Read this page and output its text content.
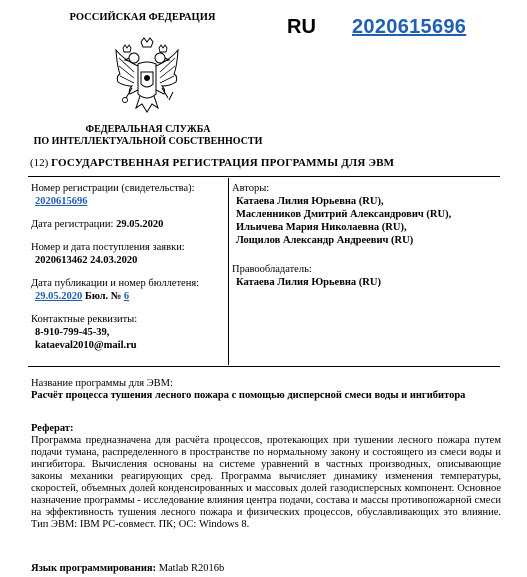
РОССИЙСКАЯ ФЕДЕРАЦИЯ
ФЕДЕРАЛЬНАЯ СЛУЖБА
ПО ИНТЕЛЛЕКТУАЛЬНОЙ СОБСТВЕННОСТИ
RU 2020615696
(12) ГОСУДАРСТВЕННАЯ РЕГИСТРАЦИЯ ПРОГРАММЫ ДЛЯ ЭВМ
Номер регистрации (свидетельства):
2020615696
Дата регистрации: 29.05.2020
Номер и дата поступления заявки:
2020613462 24.03.2020
Дата публикации и номер бюллетеня:
29.05.2020 Бюл. № 6
Контактные реквизиты:
8-910-799-45-39,
kataeval2010@mail.ru
Авторы:
Катаева Лилия Юрьевна (RU),
Масленников Дмитрий Александрович (RU),
Ильичева Мария Николаевна (RU),
Лощилов Александр Андреевич (RU)
Правообладатель:
Катаева Лилия Юрьевна (RU)
Название программы для ЭВМ:
Расчёт процесса тушения лесного пожара с помощью дисперсной смеси воды и ингибитора
Реферат:
Программа предназначена для расчёта процессов, протекающих при тушении лесного пожара путем подачи тумана, распределенного в пространстве по нормальному закону и состоящего из смеси воды и ингибитора. Вычисления основаны на системе уравнений в частных производных, описывающие законы механики реагирующих сред. Программа вычисляет динамику изменения температуры, скоростей, объемных долей конденсированных и массовых долей газодисперсных компонент. Основное назначение программы - исследование влияния центра подачи, состава и массы противопожарной смеси на эффективность тушения лесного пожара и физических процессов, обуславливающих это влияние. Тип ЭВМ: IBM PC-совмест. ПК; ОС: Windows 8.
Язык программирования: Matlab R2016b
